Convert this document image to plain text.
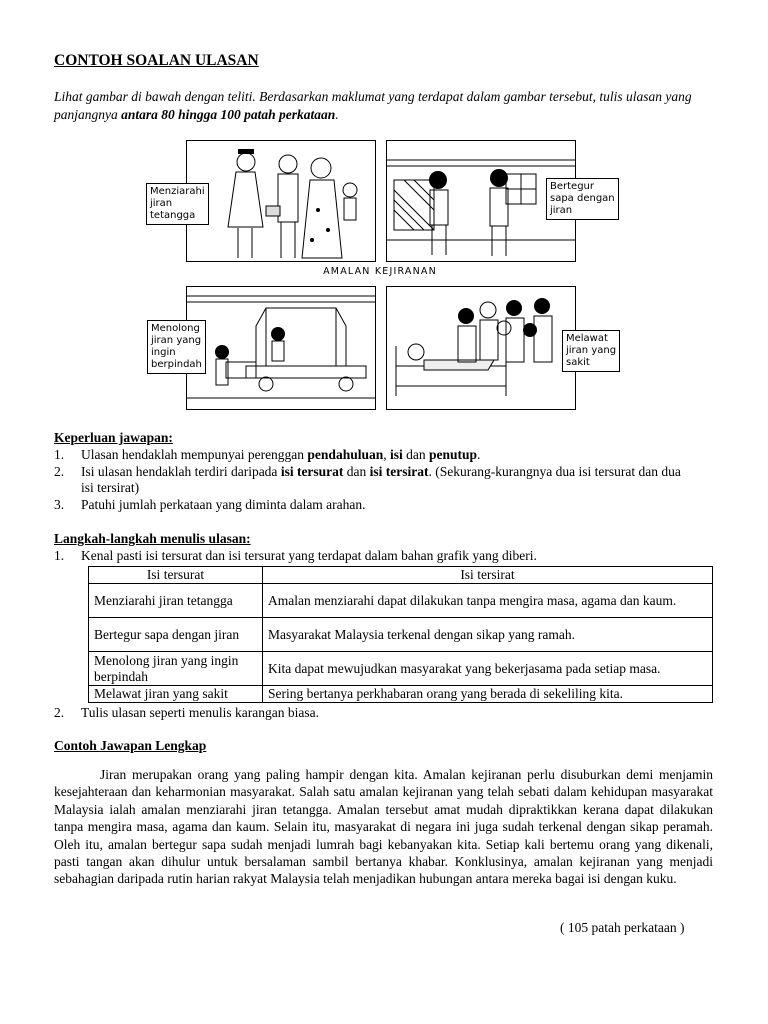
CONTOH SOALAN ULASAN
Lihat gambar di bawah dengan teliti. Berdasarkan maklumat yang terdapat dalam gambar tersebut, tulis ulasan yang panjangnya antara 80 hingga 100 patah perkataan.
Menziarahi
jiran
tetangga
Bertegur
sapa dengan
jiran
AMALAN KEJIRANAN
Menolong
jiran yang
ingin
berpindah
Melawat
jiran yang
sakit
Keperluan jawapan:
1. Ulasan hendaklah mempunyai perenggan pendahuluan, isi dan penutup.
2. Isi ulasan hendaklah terdiri daripada isi tersurat dan isi tersirat. (Sekurang-kurangnya dua isi tersurat dan dua isi tersirat)
3. Patuhi jumlah perkataan yang diminta dalam arahan.
Langkah-langkah menulis ulasan:
1. Kenal pasti isi tersurat dan isi tersurat yang terdapat dalam bahan grafik yang diberi.
Isi tersurat	Isi tersirat
Menziarahi jiran tetangga	Amalan menziarahi dapat dilakukan tanpa mengira masa, agama dan kaum.
Bertegur sapa dengan jiran	Masyarakat Malaysia terkenal dengan sikap yang ramah.
Menolong jiran yang ingin berpindah	Kita dapat mewujudkan masyarakat yang bekerjasama pada setiap masa.
Melawat jiran yang sakit	Sering bertanya perkhabaran orang yang berada di sekeliling kita.
2. Tulis ulasan seperti menulis karangan biasa.
Contoh Jawapan Lengkap

Jiran merupakan orang yang paling hampir dengan kita. Amalan kejiranan perlu disuburkan demi menjamin kesejahteraan dan keharmonian masyarakat. Salah satu amalan kejiranan yang telah sebati dalam kehidupan masyarakat Malaysia ialah amalan menziarahi jiran tetangga. Amalan tersebut amat mudah dipraktikkan kerana dapat dilakukan tanpa mengira masa, agama dan kaum. Selain itu, masyarakat di negara ini juga sudah terkenal dengan sikap peramah. Oleh itu, amalan bertegur sapa sudah menjadi lumrah bagi kebanyakan kita. Setiap kali bertemu orang yang dikenali, pasti tangan akan dihulur untuk bersalaman sambil bertanya khabar. Konklusinya, amalan kejiranan yang menjadi sebahagian daripada rutin harian rakyat Malaysia telah menjadikan hubungan antara mereka bagai isi dengan kuku.

( 105 patah perkataan )
